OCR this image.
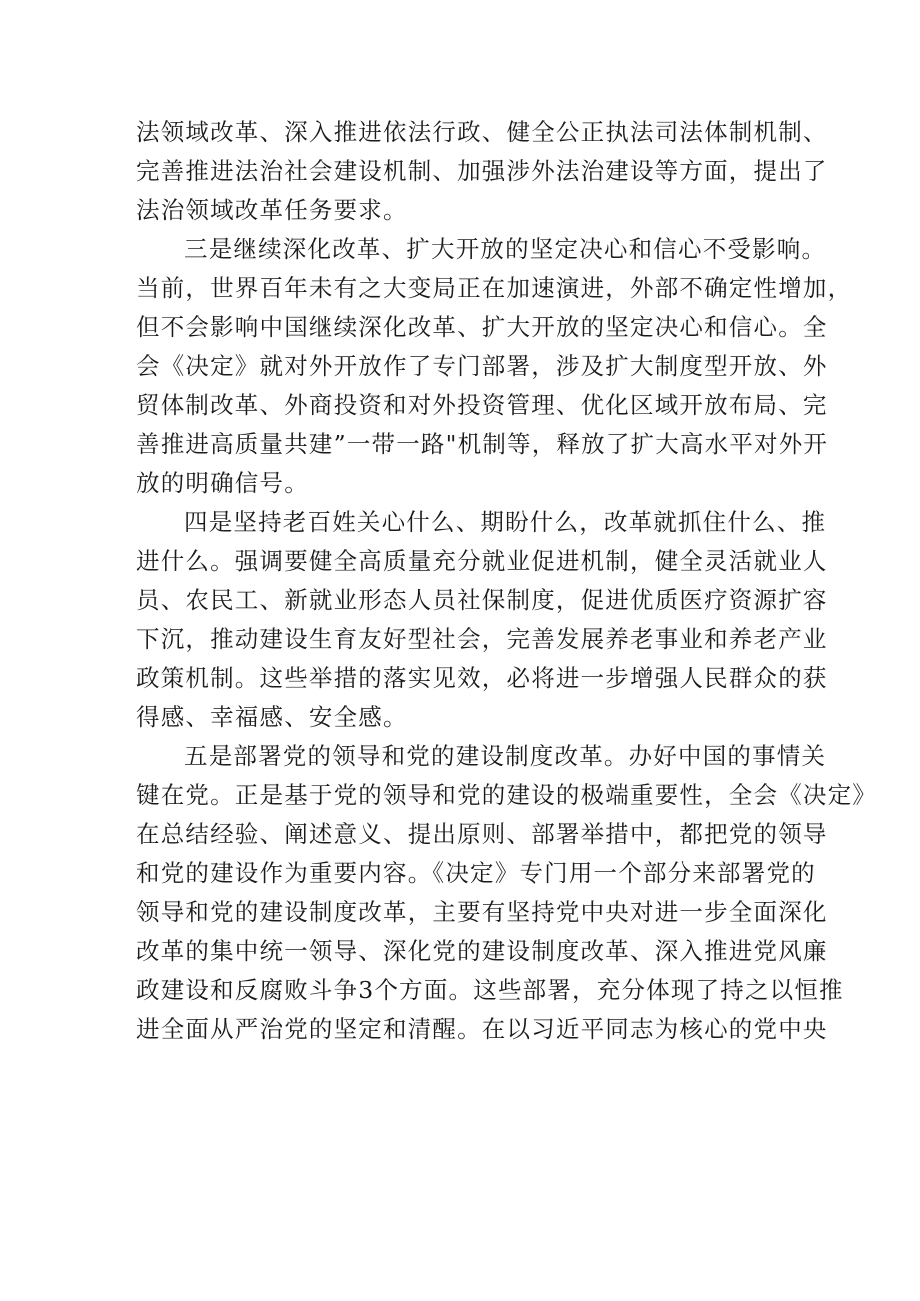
法领域改革、深入推进依法行政、健全公正执法司法体制机制、
完善推进法治社会建设机制、加强涉外法治建设等方面，提出了
法治领域改革任务要求。
三是继续深化改革、扩大开放的坚定决心和信心不受影响。
当前，世界百年未有之大变局正在加速演进，外部不确定性增加，
但不会影响中国继续深化改革、扩大开放的坚定决心和信心。全
会《决定》就对外开放作了专门部署，涉及扩大制度型开放、外
贸体制改革、外商投资和对外投资管理、优化区域开放布局、完
善推进高质量共建”一带一路"机制等，释放了扩大高水平对外开
放的明确信号。
四是坚持老百姓关心什么、期盼什么，改革就抓住什么、推
进什么。强调要健全高质量充分就业促进机制，健全灵活就业人
员、农民工、新就业形态人员社保制度，促进优质医疗资源扩容
下沉，推动建设生育友好型社会，完善发展养老事业和养老产业
政策机制。这些举措的落实见效，必将进一步增强人民群众的获
得感、幸福感、安全感。
五是部署党的领导和党的建设制度改革。办好中国的事情关
键在党。正是基于党的领导和党的建设的极端重要性，全会《决定》
在总结经验、阐述意义、提出原则、部署举措中，都把党的领导
和党的建设作为重要内容。《决定》专门用一个部分来部署党的
领导和党的建设制度改革，主要有坚持党中央对进一步全面深化
改革的集中统一领导、深化党的建设制度改革、深入推进党风廉
政建设和反腐败斗争3个方面。这些部署，充分体现了持之以恒推
进全面从严治党的坚定和清醒。在以习近平同志为核心的党中央
